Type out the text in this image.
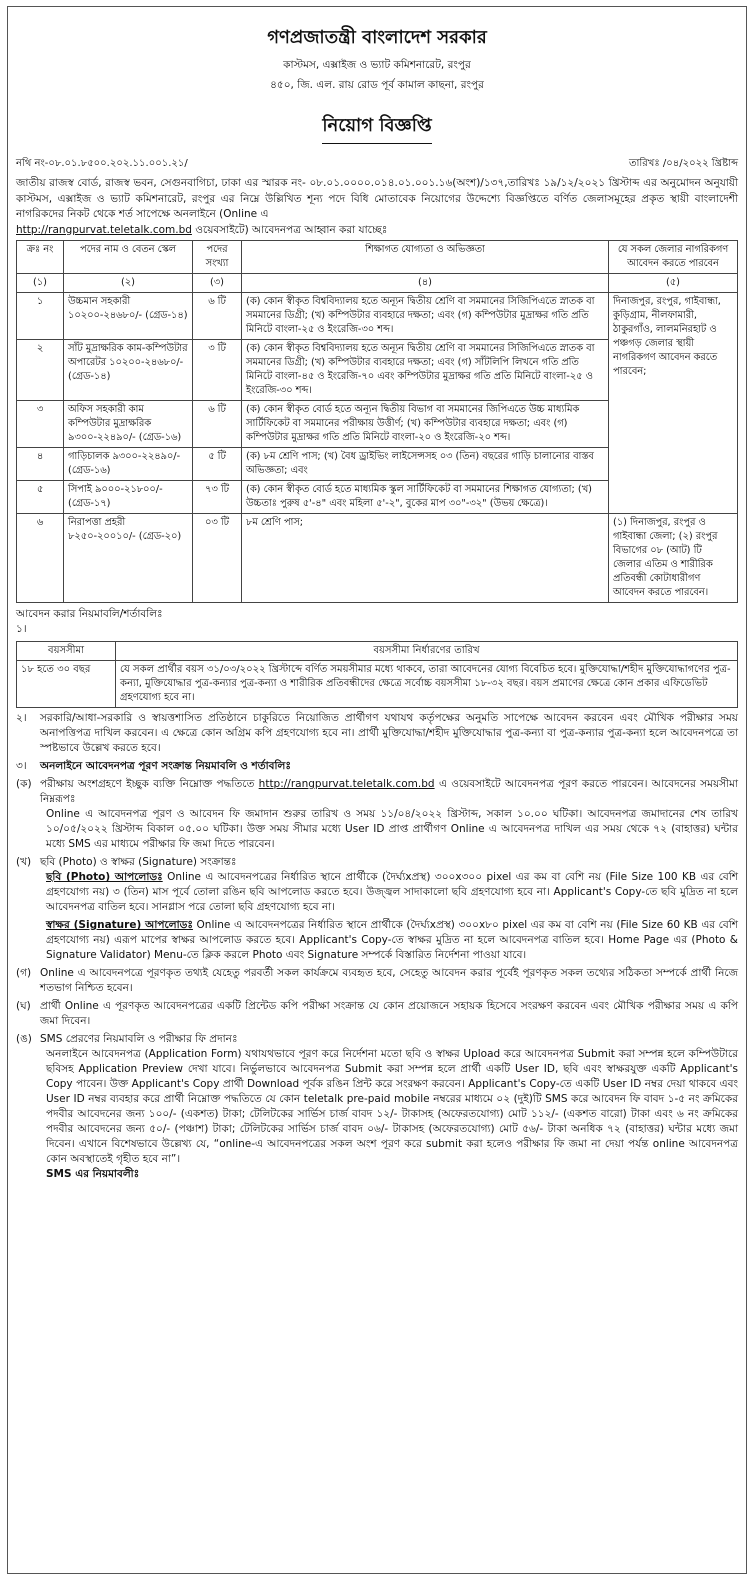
গণপ্রজাতন্ত্রী বাংলাদেশ সরকার
কাস্টমস, এক্সাইজ ও ভ্যাট কমিশনারেট, রংপুর
৪৫০, জি. এল. রায় রোড পূর্ব কামাল কাছনা, রংপুর
নিয়োগ বিজ্ঞপ্তি
নথি নং-০৮.০১.৮৫০০.২০২.১১.০০১.২১/	তারিখঃ /০৪/২০২২ খ্রিষ্টাব্দ

জাতীয় রাজস্ব বোর্ড, রাজস্ব ভবন, সেগুনবাগিচা, ঢাকা এর স্মারক নং- ০৮.০১.০০০০.০১৪.০১.০০১.১৬(অংশ)/১৩৭,তারিখঃ ১৯/১২/২০২১ খ্রিস্টাব্দ এর অনুমোদন অনুযায়ী কাস্টমস, এক্সাইজ ও ভ্যাট কমিশনারেট, রংপুর এর নিম্নে উল্লিখিত শূন্য পদে বিধি মোতাবেক নিয়োগের উদ্দেশ্যে বিজ্ঞপ্তিতে বর্ণিত জেলাসমূহের প্রকৃত স্থায়ী বাংলাদেশী নাগরিকদের নিকট থেকে শর্ত সাপেক্ষে অনলাইনে (Online এ
http://rangpurvat.teletalk.com.bd ওয়েবসাইটে) আবেদনপত্র আহ্বান করা যাচ্ছেঃ

ক্রঃ নং	পদের নাম ও বেতন স্কেল	পদের সংখ্যা	শিক্ষাগত যোগ্যতা ও অভিজ্ঞতা	যে সকল জেলার নাগরিকগণ আবেদন করতে পারবেন
(১)	(২)	(৩)	(৪)	(৫)
১	উচ্চমান সহকারী ১০২০০-২৪৬৮০/- (গ্রেড-১৪)	৬ টি	(ক) কোন স্বীকৃত বিশ্ববিদ্যালয় হতে অন্যূন দ্বিতীয় শ্রেণি বা সমমানের সিজিপিএতে স্নাতক বা সমমানের ডিগ্রী; (খ) কম্পিউটার ব্যবহারে দক্ষতা; এবং (গ) কম্পিউটার মুদ্রাক্ষর গতি প্রতি মিনিটে বাংলা-২৫ ও ইংরেজি-৩০ শব্দ।	দিনাজপুর, রংপুর, গাইবান্ধা, কুড়িগ্রাম, নীলফামারী, ঠাকুরগাঁও, লালমনিরহাট ও পঞ্চগড় জেলার স্থায়ী নাগরিকগণ আবেদন করতে পারবেন;
২	সাঁট মুদ্রাক্ষরিক কাম-কম্পিউটার অপারেটর ১০২০০-২৪৬৮০/- (গ্রেড-১৪)	৩ টি	(ক) কোন স্বীকৃত বিশ্ববিদ্যালয় হতে অন্যূন দ্বিতীয় শ্রেণি বা সমমানের সিজিপিএতে স্নাতক বা সমমানের ডিগ্রী; (খ) কম্পিউটার ব্যবহারে দক্ষতা; এবং (গ) সাঁটলিপি লিখনে গতি প্রতি মিনিটে বাংলা-৪৫ ও ইংরেজি-৭০ এবং কম্পিউটার মুদ্রাক্ষর গতি প্রতি মিনিটে বাংলা-২৫ ও ইংরেজি-৩০ শব্দ।	
৩	অফিস সহকারী কাম কম্পিউটার মুদ্রাক্ষরিক ৯৩০০-২২৪৯০/- (গ্রেড-১৬)	৬ টি	(ক) কোন স্বীকৃত বোর্ড হতে অন্যূন দ্বিতীয় বিভাগ বা সমমানের জিপিএতে উচ্চ মাধ্যমিক সার্টিফিকেট বা সমমানের পরীক্ষায় উত্তীর্ণ; (খ) কম্পিউটার ব্যবহারে দক্ষতা; এবং (গ) কম্পিউটার মুদ্রাক্ষর গতি প্রতি মিনিটে বাংলা-২০ ও ইংরেজি-২০ শব্দ।	
৪	গাড়িচালক ৯৩০০-২২৪৯০/- (গ্রেড-১৬)	৫ টি	(ক) ৮ম শ্রেণি পাস; (খ) বৈধ ড্রাইভিং লাইসেন্সসহ ০৩ (তিন) বছরের গাড়ি চালানোর বাস্তব অভিজ্ঞতা; এবং	
৫	সিপাই ৯০০০-২১৮০০/- (গ্রেড-১৭)	৭৩ টি	(ক) কোন স্বীকৃত বোর্ড হতে মাধ্যমিক স্কুল সার্টিফিকেট বা সমমানের শিক্ষাগত যোগ্যতা; (খ) উচ্চতাঃ পুরুষ ৫'-৪" এবং মহিলা ৫'-২", বুকের মাপ ৩০"-৩২" (উভয় ক্ষেত্রে)।	
৬	নিরাপত্তা প্রহরী ৮২৫০-২০০১০/- (গ্রেড-২০)	০৩ টি	৮ম শ্রেণি পাস;	(১) দিনাজপুর, রংপুর ও গাইবান্ধা জেলা; (২) রংপুর বিভাগের ০৮ (আট) টি জেলার এতিম ও শারীরিক প্রতিবন্ধী কোটাধারীগণ আবেদন করতে পারবেন।
আবেদন করার নিয়মাবলি/শর্তাবলিঃ
১।
বয়সসীমা	বয়সসীমা নির্ধারণের তারিখ
১৮ হতে ৩০ বছর	যে সকল প্রার্থীর বয়স ৩১/০৩/২০২২ খ্রিস্টাব্দে বর্ণিত সময়সীমার মধ্যে থাকবে, তারা আবেদনের যোগ্য বিবেচিত হবে। মুক্তিযোদ্ধা/শহীদ মুক্তিযোদ্ধাগণের পুত্র-কন্যা, মুক্তিযোদ্ধার পুত্র-কন্যার পুত্র-কন্যা ও শারীরিক প্রতিবন্ধীদের ক্ষেত্রে সর্বোচ্চ বয়সসীমা ১৮-৩২ বছর। বয়স প্রমাণের ক্ষেত্রে কোন প্রকার এফিডেভিট গ্রহণযোগ্য হবে না।
২।	সরকারি/আধা-সরকারি ও স্বায়ত্তশাসিত প্রতিষ্ঠানে চাকুরিতে নিয়োজিত প্রার্থীগণ যথাযথ কর্তৃপক্ষের অনুমতি সাপেক্ষে আবেদন করবেন এবং মৌখিক পরীক্ষার সময় অনাপত্তিপত্র দাখিল করবেন। এ ক্ষেত্রে কোন অগ্রিম কপি গ্রহণযোগ্য হবে না। প্রার্থী মুক্তিযোদ্ধা/শহীদ মুক্তিযোদ্ধার পুত্র-কন্যা বা পুত্র-কন্যার পুত্র-কন্যা হলে আবেদনপত্রে তা স্পষ্টভাবে উল্লেখ করতে হবে।
৩।	অনলাইনে আবেদনপত্র পূরণ সংক্রান্ত নিয়মাবলি ও শর্তাবলিঃ
(ক) পরীক্ষায় অংশগ্রহণে ইচ্ছুক ব্যক্তি নিম্নোক্ত পদ্ধতিতে http://rangpurvat.teletalk.com.bd এ ওয়েবসাইটে আবেদনপত্র পূরণ করতে পারবেন। আবেদনের সময়সীমা নিম্নরূপঃ
Online এ আবেদনপত্র পূরণ ও আবেদন ফি জমাদান শুরুর তারিখ ও সময় ১১/০৪/২০২২ খ্রিস্টাব্দ, সকাল ১০.০০ ঘটিকা। আবেদনপত্র জমাদানের শেষ তারিখ ১০/০৫/২০২২ খ্রিস্টাব্দ বিকাল ০৫.০০ ঘটিকা। উক্ত সময় সীমার মধ্যে User ID প্রাপ্ত প্রার্থীগণ Online এ আবেদনপত্র দাখিল এর সময় থেকে ৭২ (বাহাত্তর) ঘন্টার মধ্যে SMS এর মাধ্যমে পরীক্ষার ফি জমা দিতে পারবেন।
(খ) ছবি (Photo) ও স্বাক্ষর (Signature) সংক্রান্তঃ
ছবি (Photo) আপলোডঃ Online এ আবেদনপত্রের নির্ধারিত স্থানে প্রার্থীকে (দৈর্ঘ্যxপ্রস্থ) ৩০০x৩০০ pixel এর কম বা বেশি নয় (File Size 100 KB এর বেশি গ্রহণযোগ্য নয়) ৩ (তিন) মাস পূর্বে তোলা রঙিন ছবি আপলোড করতে হবে। উজ্জ্বল সাদাকালো ছবি গ্রহণযোগ্য হবে না। Applicant's Copy-তে ছবি মুদ্রিত না হলে আবেদনপত্র বাতিল হবে। সানগ্লাস পরে তোলা ছবি গ্রহণযোগ্য হবে না।
স্বাক্ষর (Signature) আপলোডঃ Online এ আবেদনপত্রের নির্ধারিত স্থানে প্রার্থীকে (দৈর্ঘ্যxপ্রস্থ) ৩০০x৮০ pixel এর কম বা বেশি নয় (File Size 60 KB এর বেশি গ্রহণযোগ্য নয়) এরূপ মাপের স্বাক্ষর আপলোড করতে হবে। Applicant's Copy-তে স্বাক্ষর মুদ্রিত না হলে আবেদনপত্র বাতিল হবে। Home Page এর (Photo & Signature Validator) Menu-তে ক্লিক করলে Photo এবং Signature সম্পর্কে বিস্তারিত নির্দেশনা পাওয়া যাবে।
(গ) Online এ আবেদনপত্রে পূরণকৃত তথ্যই যেহেতু পরবর্তী সকল কার্যক্রমে ব্যবহৃত হবে, সেহেতু আবেদন করার পূর্বেই পূরণকৃত সকল তথ্যের সঠিকতা সম্পর্কে প্রার্থী নিজে শতভাগ নিশ্চিত হবেন।
(ঘ) প্রার্থী Online এ পূরণকৃত আবেদনপত্রের একটি প্রিন্টেড কপি পরীক্ষা সংক্রান্ত যে কোন প্রয়োজনে সহায়ক হিসেবে সংরক্ষণ করবেন এবং মৌখিক পরীক্ষার সময় এ কপি জমা দিবেন।
(ঙ) SMS প্রেরণের নিয়মাবলি ও পরীক্ষার ফি প্রদানঃ
অনলাইনে আবেদনপত্র (Application Form) যথাযথভাবে পূরণ করে নির্দেশনা মতো ছবি ও স্বাক্ষর Upload করে আবেদনপত্র Submit করা সম্পন্ন হলে কম্পিউটারে ছবিসহ Application Preview দেখা যাবে। নির্ভুলভাবে আবেদনপত্র Submit করা সম্পন্ন হলে প্রার্থী একটি User ID, ছবি এবং স্বাক্ষরযুক্ত একটি Applicant's Copy পাবেন। উক্ত Applicant's Copy প্রার্থী Download পূর্বক রঙিন প্রিন্ট করে সংরক্ষণ করবেন। Applicant's Copy-তে একটি User ID নম্বর দেয়া থাকবে এবং User ID নম্বর ব্যবহার করে প্রার্থী নিম্নোক্ত পদ্ধতিতে যে কোন teletalk pre-paid mobile নম্বরের মাধ্যমে ০২ (দুই)টি SMS করে আবেদন ফি বাবদ ১-৫ নং ক্রমিকের পদবীর আবেদনের জন্য ১০০/- (একশত) টাকা; টেলিটকের সার্ভিস চার্জ বাবদ ১২/- টাকাসহ (অফেরতযোগ্য) মোট ১১২/- (একশত বারো) টাকা এবং ৬ নং ক্রমিকের পদবীর আবেদনের জন্য ৫০/- (পঞ্চাশ) টাকা; টেলিটকের সার্ভিস চার্জ বাবদ ০৬/- টাকাসহ (অফেরতযোগ্য) মোট ৫৬/- টাকা অনধিক ৭২ (বাহাত্তর) ঘন্টার মধ্যে জমা দিবেন। এখানে বিশেষভাবে উল্লেখ্য যে, “online-এ আবেদনপত্রের সকল অংশ পূরণ করে submit করা হলেও পরীক্ষার ফি জমা না দেয়া পর্যন্ত online আবেদনপত্র কোন অবস্থাতেই গৃহীত হবে না”।
SMS এর নিয়মাবলীঃ
